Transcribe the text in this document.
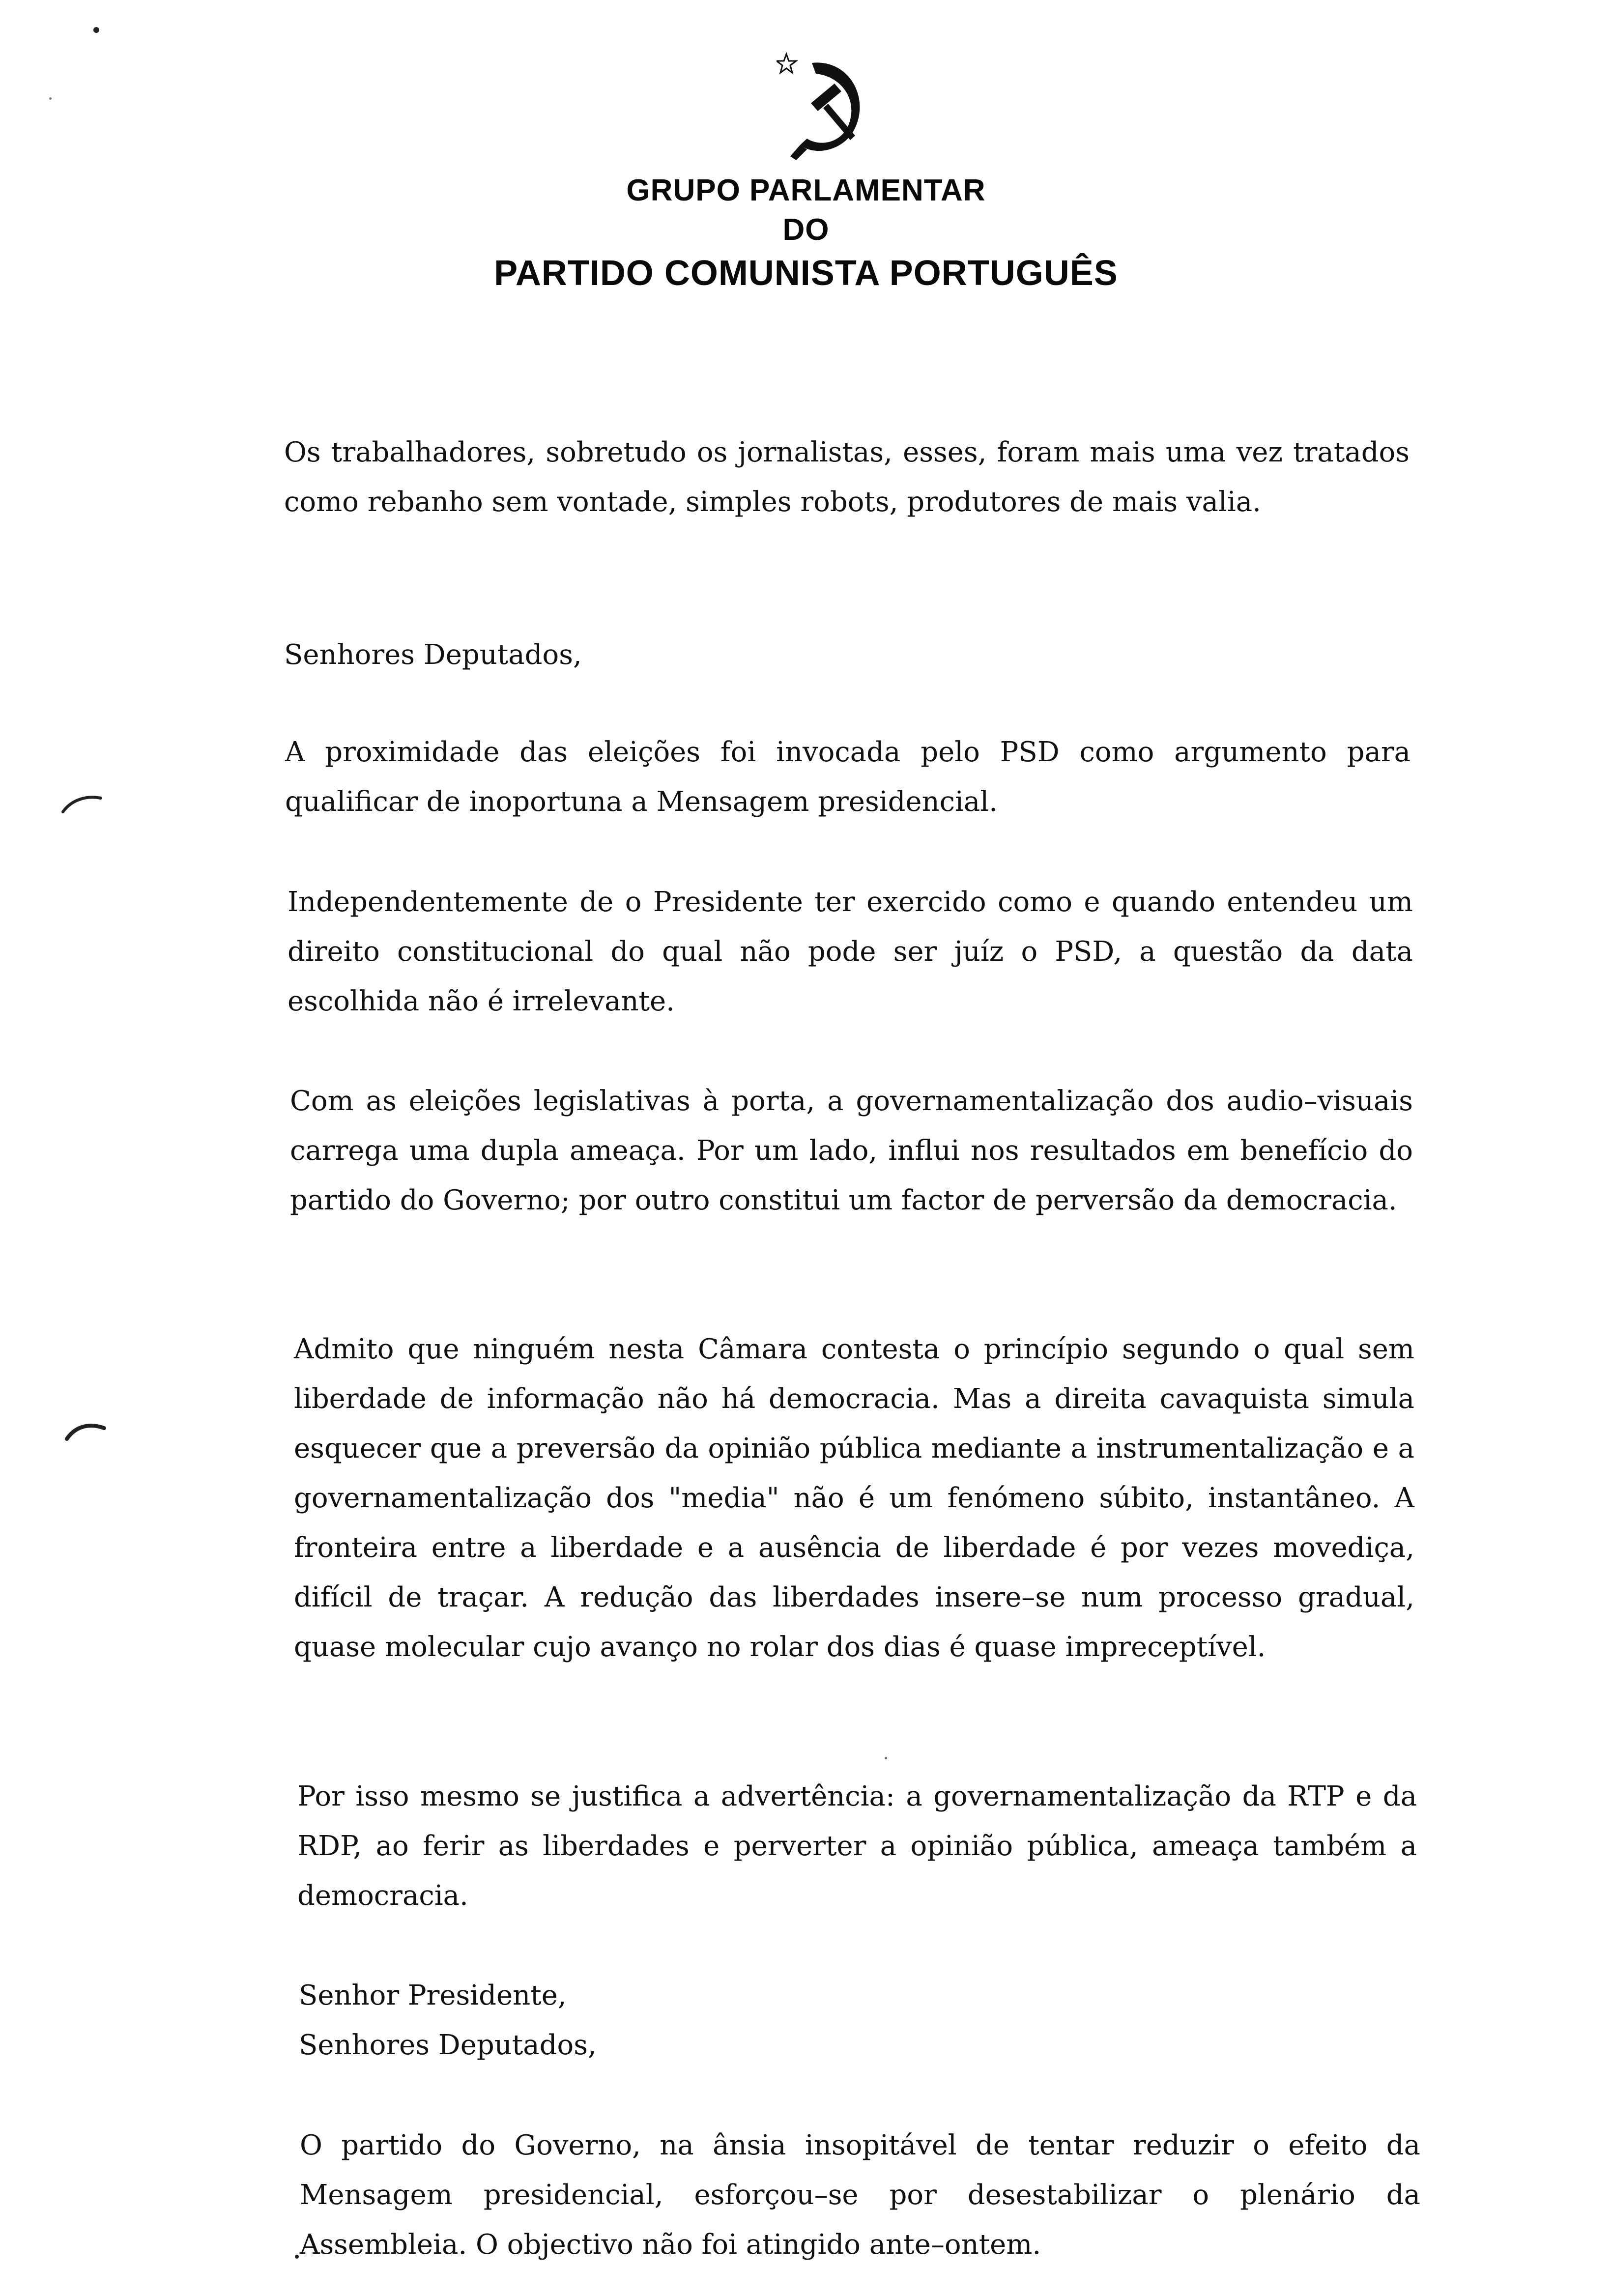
GRUPO PARLAMENTAR
DO
PARTIDO COMUNISTA PORTUGUÊS
Os trabalhadores, sobretudo os jornalistas, esses, foram mais uma vez tratados como rebanho sem vontade, simples robots, produtores de mais valia.
Senhores Deputados,
A proximidade das eleições foi invocada pelo PSD como argumento para qualificar de inoportuna a Mensagem presidencial.
Independentemente de o Presidente ter exercido como e quando entendeu um direito constitucional do qual não pode ser juíz o PSD, a questão da data escolhida não é irrelevante.
Com as eleições legislativas à porta, a governamentalização dos audio–visuais carrega uma dupla ameaça. Por um lado, influi nos resultados em benefício do partido do Governo; por outro constitui um factor de perversão da democracia.
Admito que ninguém nesta Câmara contesta o princípio segundo o qual sem liberdade de informação não há democracia. Mas a direita cavaquista simula esquecer que a preversão da opinião pública mediante a instrumentalização e a governamentalização dos "media" não é um fenómeno súbito, instantâneo. A fronteira entre a liberdade e a ausência de liberdade é por vezes movediça, difícil de traçar. A redução das liberdades insere–se num processo gradual, quase molecular cujo avanço no rolar dos dias é quase impreceptível.
Por isso mesmo se justifica a advertência: a governamentalização da RTP e da RDP, ao ferir as liberdades e perverter a opinião pública, ameaça também a democracia.
Senhor Presidente,
Senhores Deputados,
O partido do Governo, na ânsia insopitável de tentar reduzir o efeito da Mensagem presidencial, esforçou–se por desestabilizar o plenário da Assembleia. O objectivo não foi atingido ante–ontem.
